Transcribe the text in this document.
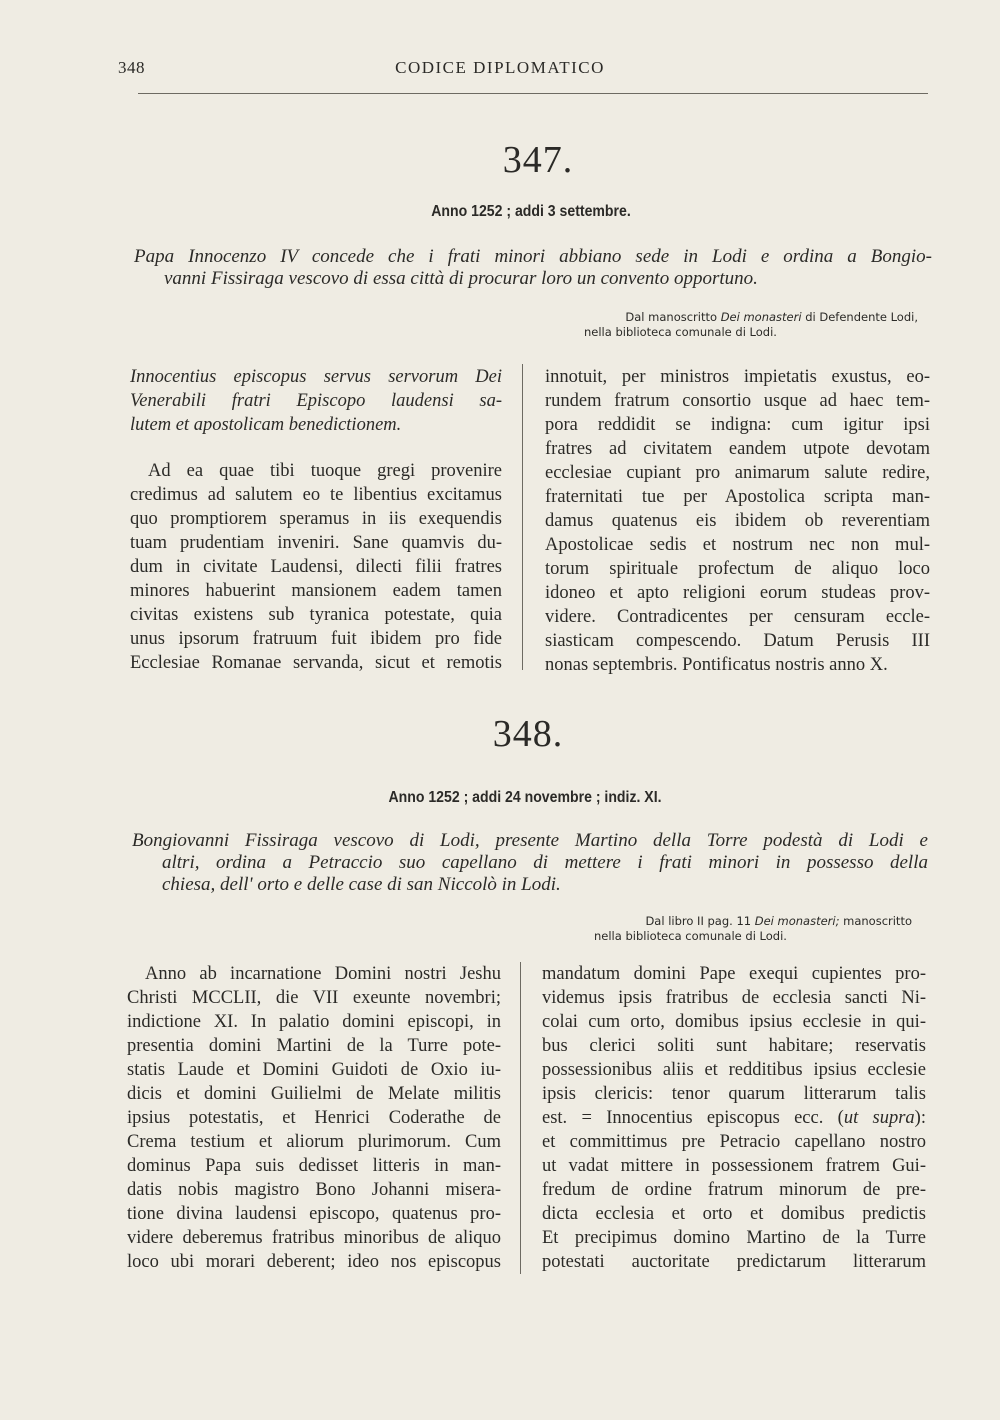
348	CODICE DIPLOMATICO
347.
Anno 1252 ; addi 3 settembre.
Papa Innocenzo IV concede che i frati minori abbiano sede in Lodi e ordina a Bongio-
vanni Fissiraga vescovo di essa città di procurar loro un convento opportuno.
Dal manoscritto Dei monasteri di Defendente Lodi,
nella biblioteca comunale di Lodi.
Innocentius episcopus servus servorum Dei
Venerabili fratri Episcopo laudensi sa-
lutem et apostolicam benedictionem.
Ad ea quae tibi tuoque gregi provenire
credimus ad salutem eo te libentius excitamus
quo promptiorem speramus in iis exequendis
tuam prudentiam inveniri. Sane quamvis du-
dum in civitate Laudensi, dilecti filii fratres
minores habuerint mansionem eadem tamen
civitas existens sub tyranica potestate, quia
unus ipsorum fratruum fuit ibidem pro fide
Ecclesiae Romanae servanda, sicut et remotis
innotuit, per ministros impietatis exustus, eo-
rundem fratrum consortio usque ad haec tem-
pora reddidit se indigna: cum igitur ipsi
fratres ad civitatem eandem utpote devotam
ecclesiae cupiant pro animarum salute redire,
fraternitati tue per Apostolica scripta man-
damus quatenus eis ibidem ob reverentiam
Apostolicae sedis et nostrum nec non mul-
torum spirituale profectum de aliquo loco
idoneo et apto religioni eorum studeas prov-
videre. Contradicentes per censuram eccle-
siasticam compescendo. Datum Perusis III
nonas septembris. Pontificatus nostris anno X.
348.
Anno 1252 ; addi 24 novembre ; indiz. XI.
Bongiovanni Fissiraga vescovo di Lodi, presente Martino della Torre podestà di Lodi e
altri, ordina a Petraccio suo capellano di mettere i frati minori in possesso della
chiesa, dell' orto e delle case di san Niccolò in Lodi.
Dal libro II pag. 11 Dei monasteri; manoscritto
nella biblioteca comunale di Lodi.
Anno ab incarnatione Domini nostri Jeshu
Christi MCCLII, die VII exeunte novembri;
indictione XI. In palatio domini episcopi, in
presentia domini Martini de la Turre pote-
statis Laude et Domini Guidoti de Oxio iu-
dicis et domini Guilielmi de Melate militis
ipsius potestatis, et Henrici Coderathe de
Crema testium et aliorum plurimorum. Cum
dominus Papa suis dedisset litteris in man-
datis nobis magistro Bono Johanni misera-
tione divina laudensi episcopo, quatenus pro-
videre deberemus fratribus minoribus de aliquo
loco ubi morari deberent; ideo nos episcopus
mandatum domini Pape exequi cupientes pro-
videmus ipsis fratribus de ecclesia sancti Ni-
colai cum orto, domibus ipsius ecclesie in qui-
bus clerici soliti sunt habitare; reservatis
possessionibus aliis et redditibus ipsius ecclesie
ipsis clericis: tenor quarum litterarum talis
est. = Innocentius episcopus ecc. (ut supra):
et committimus pre Petracio capellano nostro
ut vadat mittere in possessionem fratrem Gui-
fredum de ordine fratrum minorum de pre-
dicta ecclesia et orto et domibus predictis
Et precipimus domino Martino de la Turre
potestati auctoritate predictarum litterarum
